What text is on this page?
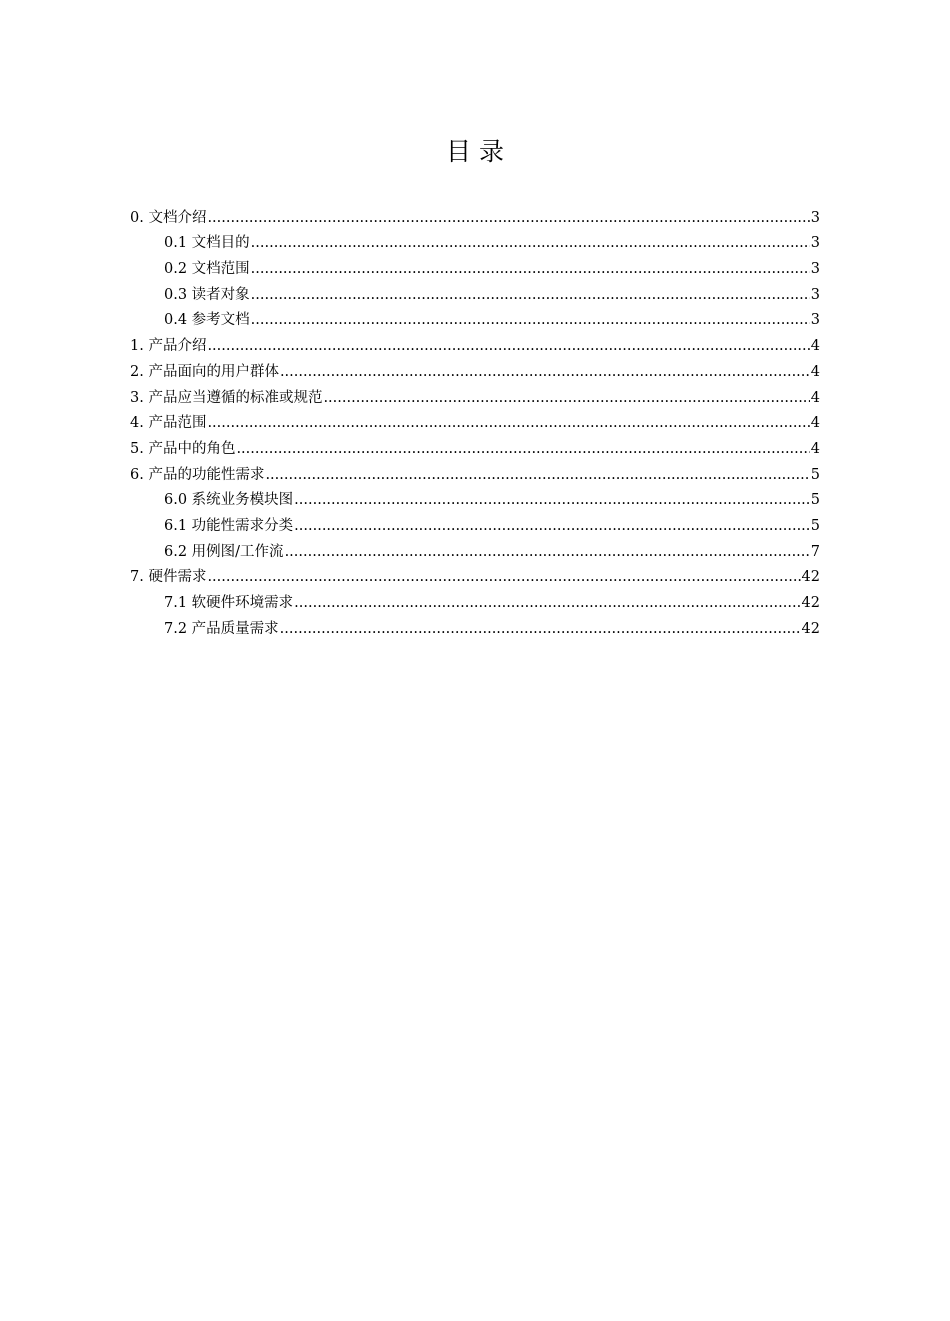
目 录
0. 文档介绍 .....	3
0.1 文档目的 .....	3
0.2 文档范围 .....	3
0.3 读者对象 .....	3
0.4 参考文档 .....	3
1. 产品介绍 .....	4
2. 产品面向的用户群体 .....	4
3. 产品应当遵循的标准或规范 .....	4
4. 产品范围 .....	4
5. 产品中的角色 .....	4
6. 产品的功能性需求 .....	5
6.0 系统业务模块图 .....	5
6.1 功能性需求分类 .....	5
6.2 用例图/工作流 .....	7
7. 硬件需求 .....	42
7.1 软硬件环境需求 .....	42
7.2 产品质量需求 .....	42
